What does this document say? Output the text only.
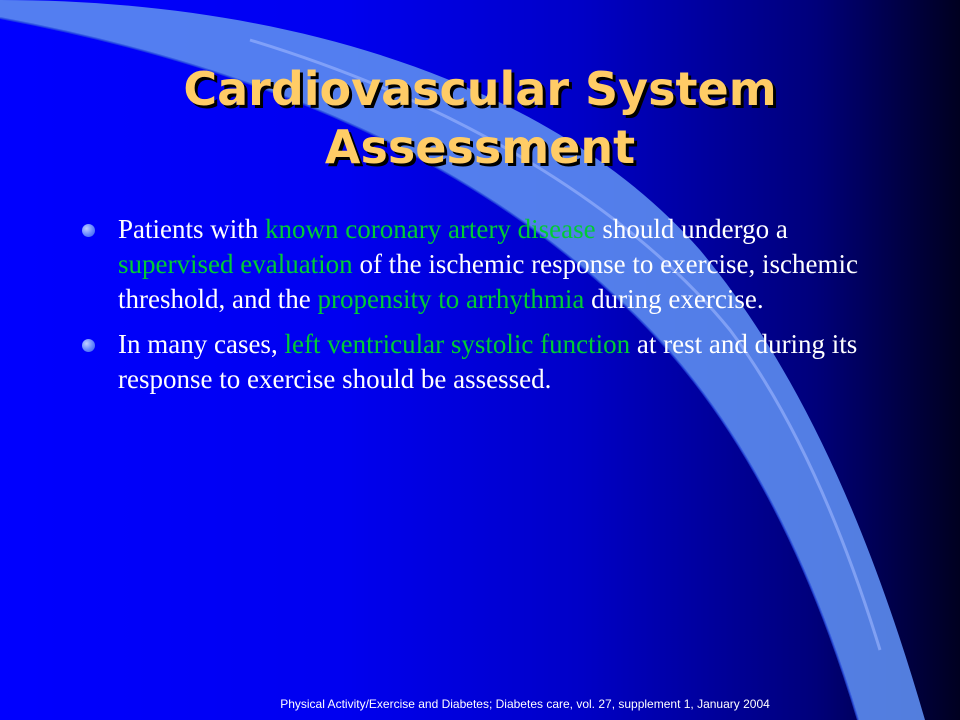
Cardiovascular System
Assessment
Patients with known coronary artery disease should undergo a supervised evaluation of the ischemic response to exercise, ischemic threshold, and the propensity to arrhythmia during exercise.
In many cases, left ventricular systolic function at rest and during its response to exercise should be assessed.
Physical Activity/Exercise and Diabetes; Diabetes care, vol. 27, supplement 1, January 2004
